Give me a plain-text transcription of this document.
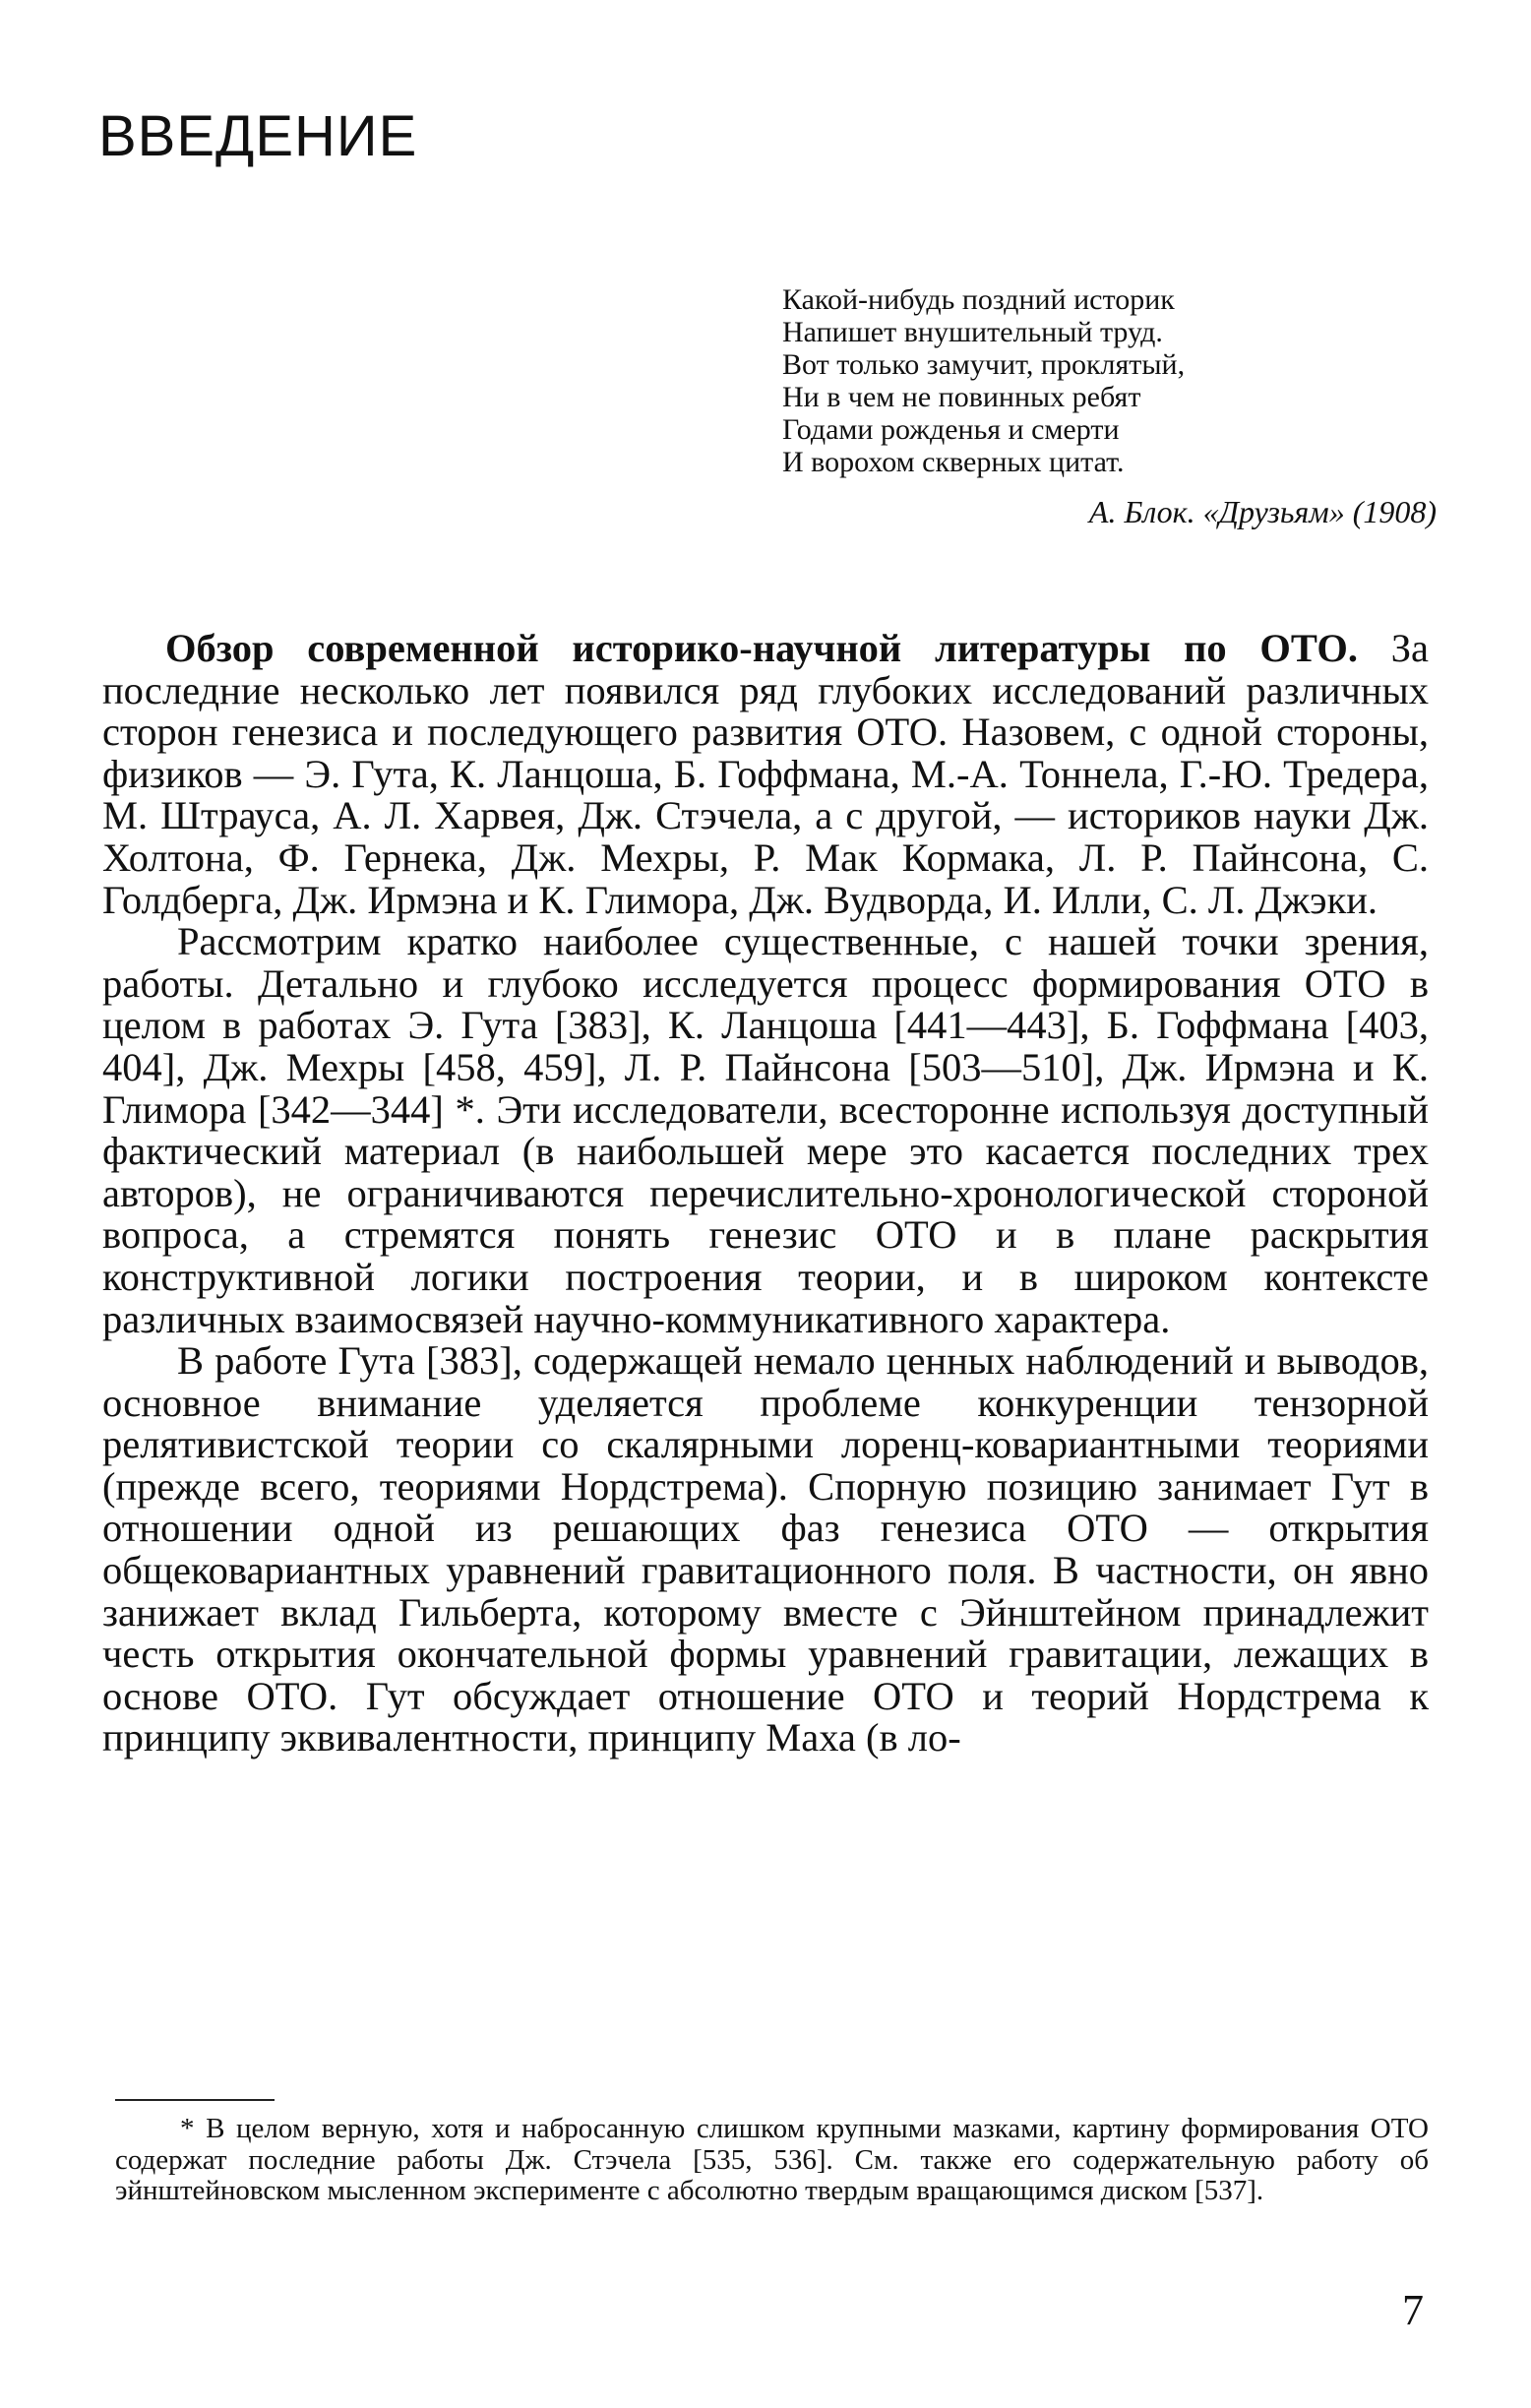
ВВЕДЕНИЕ
Какой-нибудь поздний историк
Напишет внушительный труд.
Вот только замучит, проклятый,
Ни в чем не повинных ребят
Годами рожденья и смерти
И ворохом скверных цитат.
А. Блок. «Друзьям» (1908)

Обзор современной историко-научной литературы по ОТО. За последние несколько лет появился ряд глубоких исследований различных сторон генезиса и последующего развития ОТО. Назовем, с одной стороны, физиков — Э. Гута, К. Ланцоша, Б. Гоффмана, М.-А. Тоннела, Г.-Ю. Тредера, М. Штрауса, А. Л. Харвея, Дж. Стэчела, а с другой, — историков науки Дж. Холтона, Ф. Гернека, Дж. Мехры, Р. Мак Кормака, Л. Р. Пайнсона, С. Голдберга, Дж. Ирмэна и К. Глимора, Дж. Вудворда, И. Илли, С. Л. Джэки.

Рассмотрим кратко наиболее существенные, с нашей точки зрения, работы. Детально и глубоко исследуется процесс формирования ОТО в целом в работах Э. Гута [383], К. Ланцоша [441—443], Б. Гоффмана [403, 404], Дж. Мехры [458, 459], Л. Р. Пайнсона [503—510], Дж. Ирмэна и К. Глимора [342—344] *. Эти исследователи, всесторонне используя доступный фактический материал (в наибольшей мере это касается последних трех авторов), не ограничиваются перечислительно-хронологической стороной вопроса, а стремятся понять генезис ОТО и в плане раскрытия конструктивной логики построения теории, и в широком контексте различных взаимосвязей научно-коммуникативного характера.

В работе Гута [383], содержащей немало ценных наблюдений и выводов, основное внимание уделяется проблеме конкуренции тензорной релятивистской теории со скалярными лоренц-ковариантными теориями (прежде всего, теориями Нордстрема). Спорную позицию занимает Гут в отношении одной из решающих фаз генезиса ОТО — открытия общековариантных уравнений гравитационного поля. В частности, он явно занижает вклад Гильберта, которому вместе с Эйнштейном принадлежит честь открытия окончательной формы уравнений гравитации, лежащих в основе ОТО. Гут обсуждает отношение ОТО и теорий Нордстрема к принципу эквивалентности, принципу Маха (в ло-

* В целом верную, хотя и набросанную слишком крупными мазками, картину формирования ОТО содержат последние работы Дж. Стэчела [535, 536]. См. также его содержательную работу об эйнштейновском мысленном эксперименте с абсолютно твердым вращающимся диском [537].

7
